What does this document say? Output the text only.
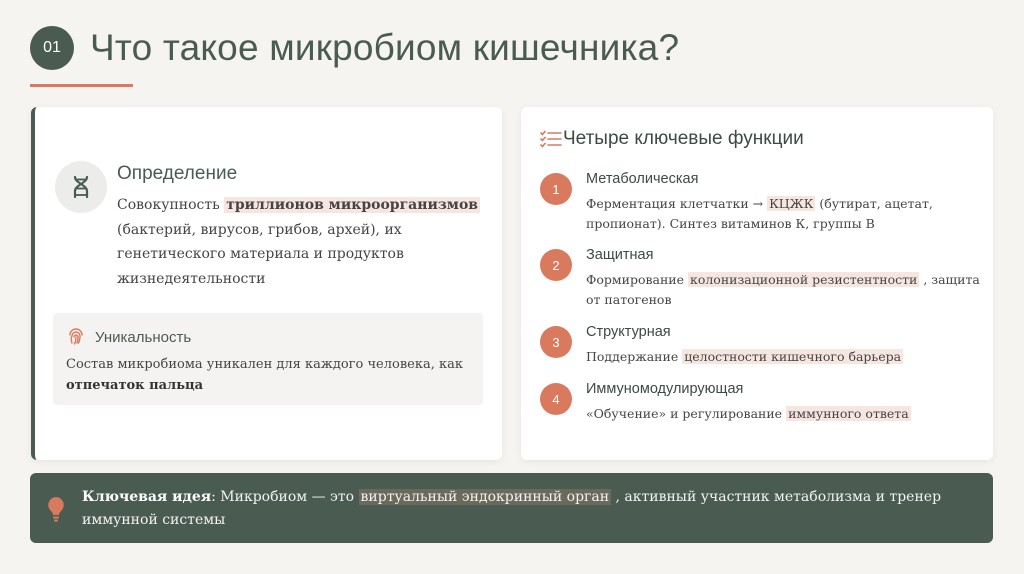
01 Что такое микробиом кишечника?
Определение
Совокупность триллионов микроорганизмов (бактерий, вирусов, грибов, архей), их генетического материала и продуктов жизнедеятельности
Уникальность
Состав микробиома уникален для каждого человека, как отпечаток пальца
Четыре ключевые функции
1
Метаболическая
Ферментация клетчатки → КЦЖК (бутират, ацетат, пропионат). Синтез витаминов К, группы В
2
Защитная
Формирование колонизационной резистентности , защита от патогенов
3
Структурная
Поддержание целостности кишечного барьера
4
Иммуномодулирующая
«Обучение» и регулирование иммунного ответа
Ключевая идея: Микробиом — это виртуальный эндокринный орган , активный участник метаболизма и тренер иммунной системы
